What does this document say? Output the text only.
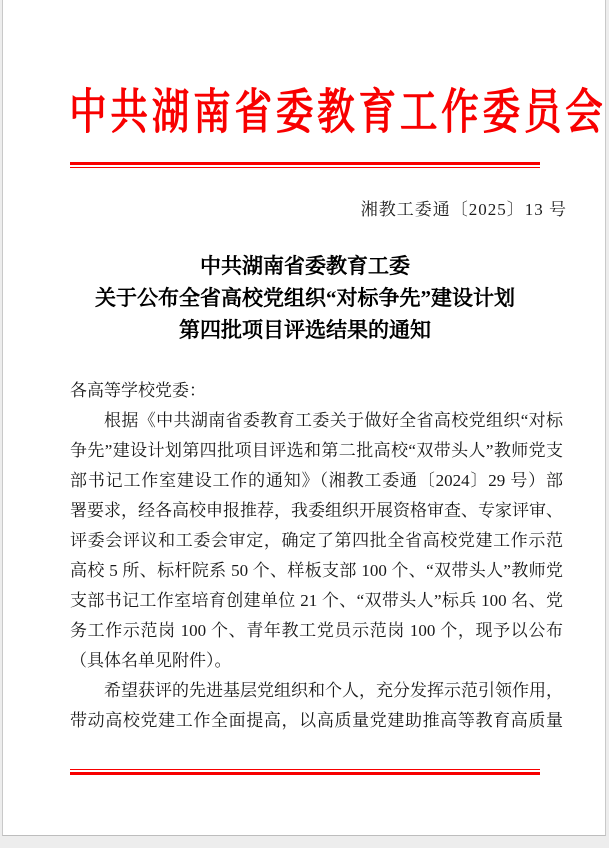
中共湖南省委教育工作委员会
湘教工委通〔2025〕13 号
中共湖南省委教育工委
关于公布全省高校党组织“对标争先”建设计划
第四批项目评选结果的通知
各高等学校党委：
根据《中共湖南省委教育工委关于做好全省高校党组织“对标
争先”建设计划第四批项目评选和第二批高校“双带头人”教师党支
部书记工作室建设工作的通知》（湘教工委通〔2024〕29 号）部
署要求，经各高校申报推荐，我委组织开展资格审查、专家评审、
评委会评议和工委会审定，确定了第四批全省高校党建工作示范
高校 5 所、标杆院系 50 个、样板支部 100 个、“双带头人”教师党
支部书记工作室培育创建单位 21 个、“双带头人”标兵 100 名、党
务工作示范岗 100 个、青年教工党员示范岗 100 个，现予以公布
（具体名单见附件）。
希望获评的先进基层党组织和个人，充分发挥示范引领作用，
带动高校党建工作全面提高，以高质量党建助推高等教育高质量
